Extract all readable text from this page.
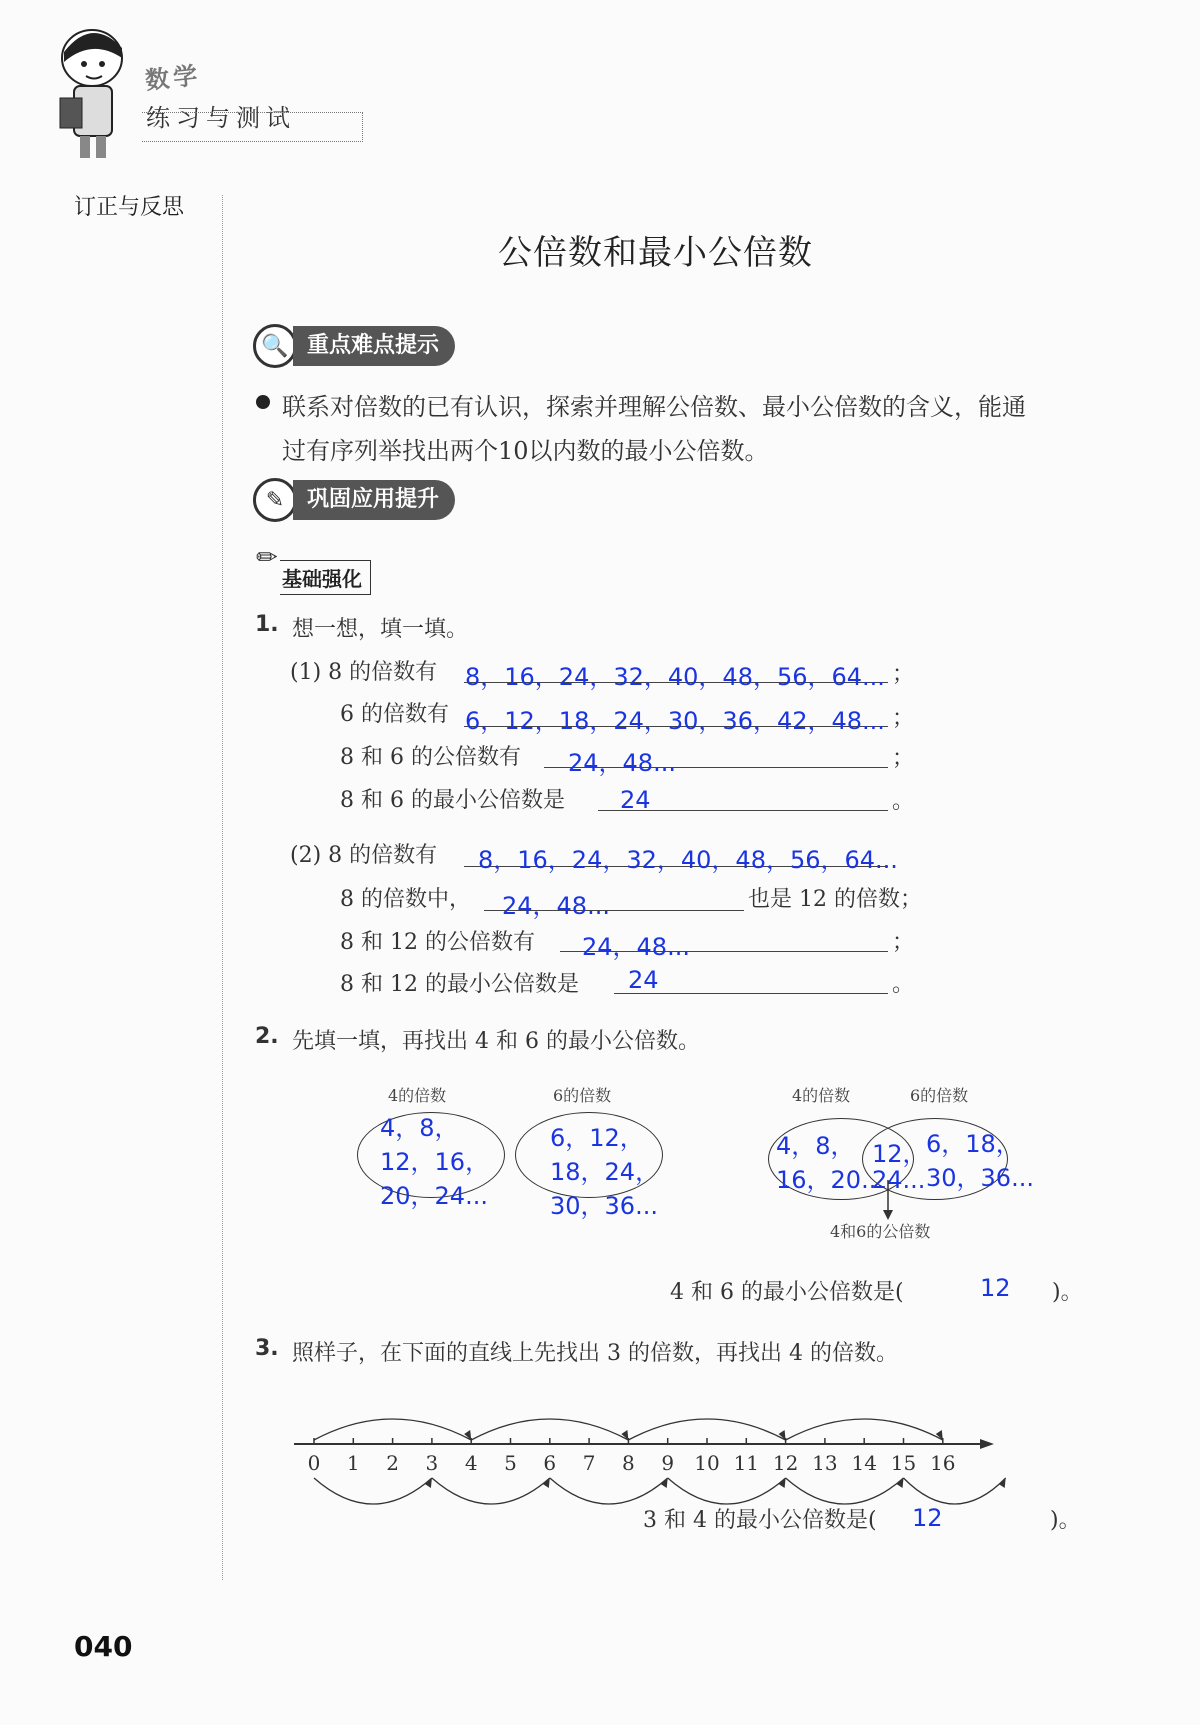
数学
练习与测试
订正与反思
公倍数和最小公倍数
🔍 重点难点提示
联系对倍数的已有认识，探索并理解公倍数、最小公倍数的含义，能通
过有序列举找出两个10以内数的最小公倍数。
✎	巩固应用提升
✏
基础强化
1. 想一想，填一填。
(1) 8 的倍数有 8，16，24，32，40，48，56，64... ；
6 的倍数有 6，12，18，24，30，36，42，48... ；
8 和 6 的公倍数有 24，48...	；
8 和 6 的最小公倍数是 24	。
(2) 8 的倍数有 8，16，24，32，40，48，56，64...
8 的倍数中， 24，48...	也是 12 的倍数；
8 和 12 的公倍数有 24，48...	；
8 和 12 的最小公倍数是 24	。
2. 先填一填，再找出 4 和 6 的最小公倍数。
4的倍数	6的倍数
4，8，
12，16，
20，24...
6，12，
18，24，
30，36...
4的倍数	6的倍数
4，8，
16，20...
12，
24...
6，18，
30，36...
4和6的公倍数
4 和 6 的最小公倍数是(	12 )。
3. 照样子，在下面的直线上先找出 3 的倍数，再找出 4 的倍数。
0 1 2 3 4 5 6 7 8 9 10 11 12 13 14 15 16
3 和 4 的最小公倍数是( 12	)。
040
